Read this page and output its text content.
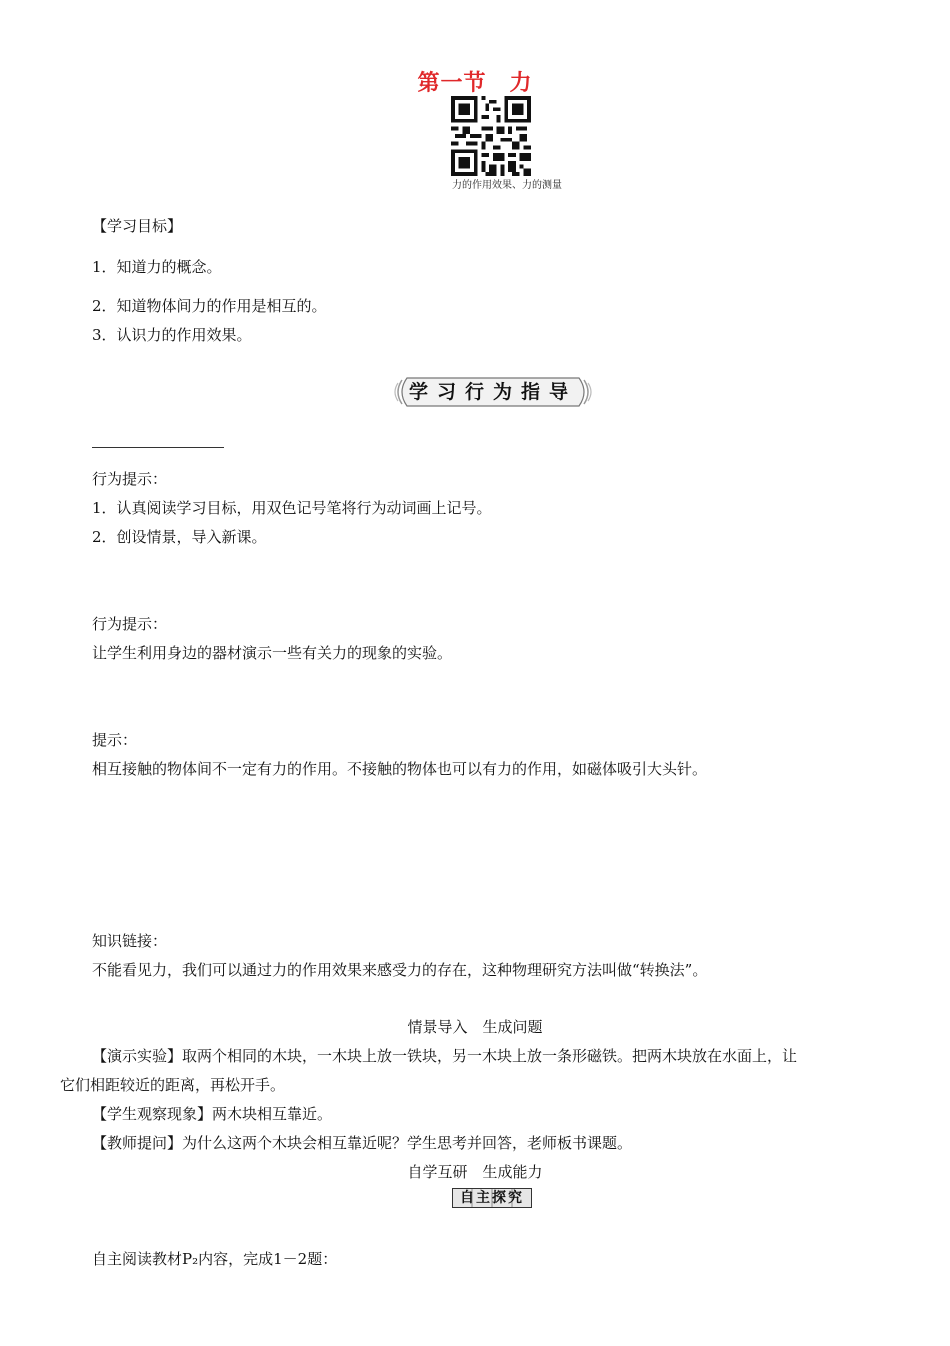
第一节　力
力的作用效果、力的测量
【学习目标】
1．知道力的概念。
2．知道物体间力的作用是相互的。
3．认识力的作用效果。
学习行为指导
行为提示：
1．认真阅读学习目标，用双色记号笔将行为动词画上记号。
2．创设情景，导入新课。
行为提示：
让学生利用身边的器材演示一些有关力的现象的实验。
提示：
相互接触的物体间不一定有力的作用。不接触的物体也可以有力的作用，如磁体吸引大头针。
知识链接：
不能看见力，我们可以通过力的作用效果来感受力的存在，这种物理研究方法叫做“转换法”。
情景导入　生成问题
【演示实验】取两个相同的木块，一木块上放一铁块，另一木块上放一条形磁铁。把两木块放在水面上，让
它们相距较近的距离，再松开手。
【学生观察现象】两木块相互靠近。
【教师提问】为什么这两个木块会相互靠近呢？学生思考并回答，老师板书课题。
自学互研　生成能力
自主探究
自主阅读教材P₂内容，完成1－2题：
